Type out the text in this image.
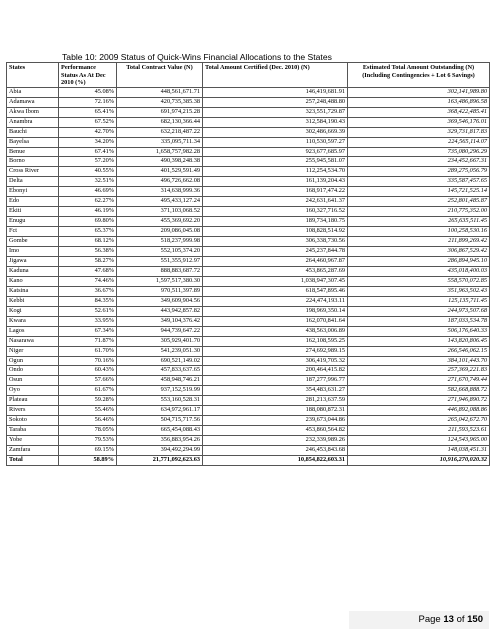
Table 10: 2009 Status of Quick-Wins Financial Allocations to the States
States	Performance Status As At Dec 2010 (%)	Total Contract Value (N)	Total Amount Certified (Dec. 2010) (N)	Estimated Total Amount Outstanding (N) (Including Contingencies + Lot 6 Savings)

Abia	45.08%	448,561,671.71	146,419,681.91	302,141,989.80
Adamawa	72.16%	420,735,385.38	257,248,488.80	163,486,896.58
Akwa Ibom	65.41%	691,974,215.28	323,551,729.87	368,422,485.41
Anambra	67.52%	682,130,366.44	312,584,190.43	369,546,176.01
Bauchi	42.70%	632,218,487.22	302,486,669.39	329,731,817.83
Bayelsa	34.20%	335,095,711.34	110,530,597.27	224,565,114.07
Benue	67.41%	1,658,757,982.28	923,677,685.97	735,080,296.29
Borno	57.20%	490,398,248.38	255,945,581.07	234,452,667.31
Cross River	40.55%	401,529,591.49	112,254,534.70	289,275,056.79
Delta	32.51%	496,726,662.08	161,139,204.43	335,587,457.65
Ebonyi	46.69%	314,638,999.36	168,917,474.22	145,721,525.14
Edo	62.27%	495,433,127.24	242,631,641.37	252,801,485.87
Ekiti	46.19%	371,103,068.52	160,327,716.52	210,775,352.00
Enugu	69.80%	455,369,692.20	189,734,180.75	265,635,511.45
Fct	65.37%	209,086,045.08	108,828,514.92	100,258,530.16
Gombe	68.12%	518,237,999.98	306,338,730.56	211,899,269.42
Imo	56.38%	552,105,374.20	245,237,844.78	306,867,529.42
Jigawa	58.27%	551,355,912.97	264,460,967.87	286,894,945.10
Kaduna	47.68%	888,883,687.72	453,865,287.69	435,018,400.03
Kano	74.46%	1,597,517,380.30	1,038,947,307.45	558,570,072.85
Katsina	36.67%	970,511,397.89	618,547,895.46	351,963,502.43
Kebbi	84.35%	349,609,904.56	224,474,193.11	125,135,711.45
Kogi	52.61%	443,942,857.82	198,969,350.14	244,973,507.68
Kwara	33.95%	349,104,376.42	162,070,841.64	187,033,534.78
Lagos	67.34%	944,739,647.22	438,563,006.89	506,176,640.33
Nasarawa	71.87%	305,929,401.70	162,108,595.25	143,820,806.45
Niger	61.70%	541,239,051.30	274,692,989.15	266,546,062.15
Ogun	70.16%	690,521,149.02	306,419,705.32	384,101,443.70
Ondo	60.43%	457,833,637.65	200,464,415.82	257,369,221.83
Osun	57.66%	458,948,746.21	187,277,996.77	271,670,749.44
Oyo	61.67%	937,152,519.99	354,483,631.27	582,668,888.72
Plateau	59.28%	553,160,528.31	281,213,637.59	271,946,890.72
Rivers	55.46%	634,972,961.17	188,080,872.31	446,892,088.86
Sokoto	56.46%	504,715,717.56	239,673,044.86	265,042,672.70
Taraba	78.05%	665,454,088.43	453,860,564.82	211,593,523.61
Yobe	79.53%	356,883,954.26	232,339,989.26	124,543,965.00
Zamfara	69.15%	394,492,294.99	246,453,843.68	148,038,451.31
Total	58.89%	21,771,092,623.63	10,854,822,603.31	10,916,270,020.32
Page 13 of 150
